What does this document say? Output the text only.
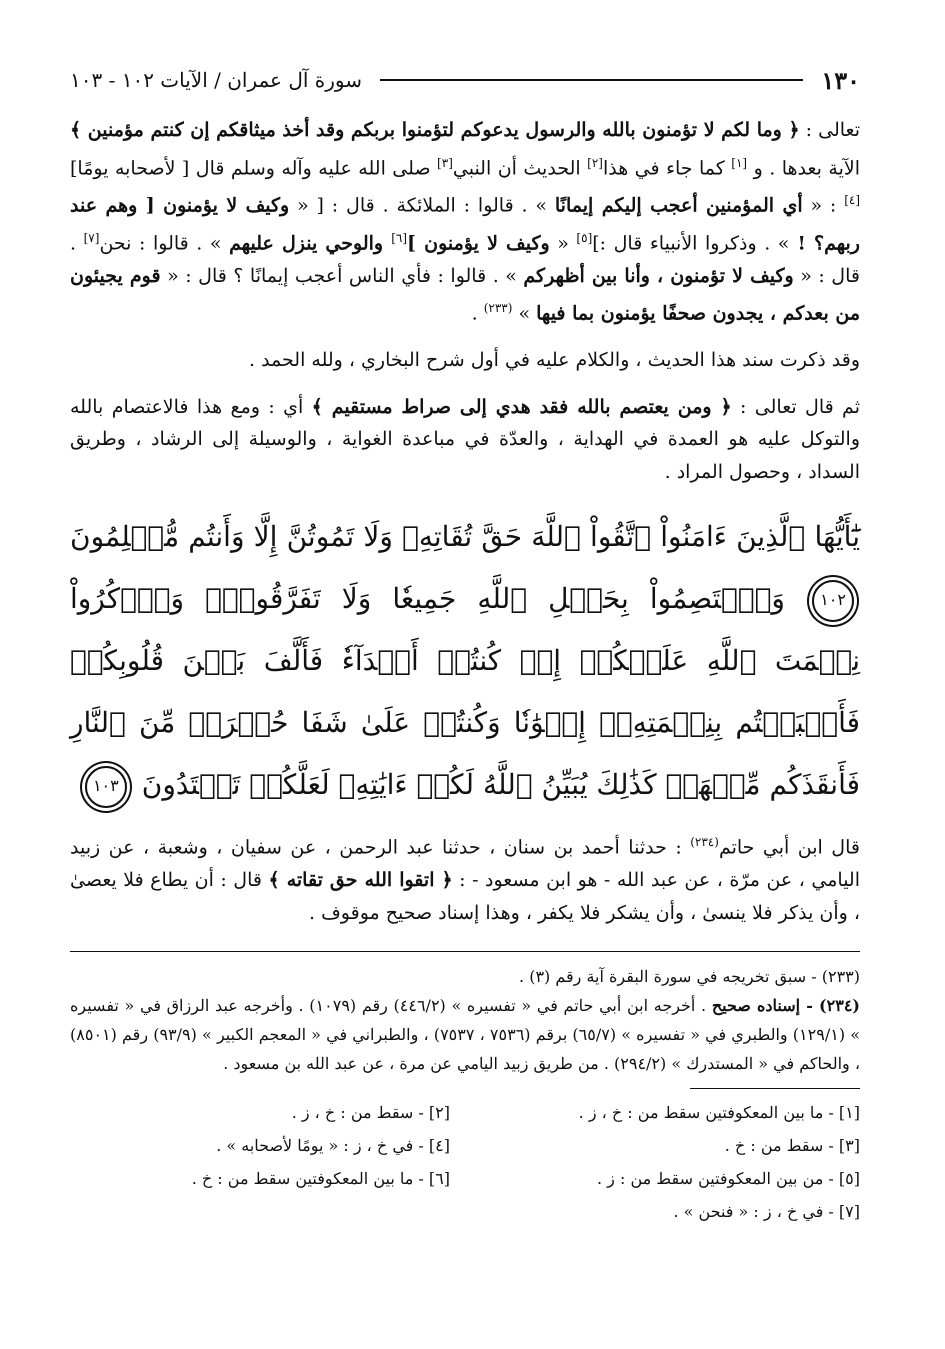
١٣٠
سورة آل عمران / الآيات ١٠٢ - ١٠٣

تعالى : ﴿ وما لكم لا تؤمنون بالله والرسول يدعوكم لتؤمنوا بربكم وقد أخذ ميثاقكم إن كنتم مؤمنين ﴾ الآية بعدها . و [١] كما جاء في هذا[٢] الحديث أن النبي[٣] صلى الله عليه وآله وسلم قال [ لأصحابه يومًا][٤] : « أي المؤمنين أعجب إليكم إيمانًا » . قالوا : الملائكة . قال : [ « وكيف لا يؤمنون [ وهم عند ربهم؟ ! » . وذكروا الأنبياء قال :][٥] « وكيف لا يؤمنون ][٦] والوحي ينزل عليهم » . قالوا : نحن[٧] . قال : « وكيف لا تؤمنون ، وأنا بين أظهركم » . قالوا : فأي الناس أعجب إيمانًا ؟ قال : « قوم يجيئون من بعدكم ، يجدون صحفًا يؤمنون بما فيها » $^{(٢٣٣)}$ .

وقد ذكرت سند هذا الحديث ، والكلام عليه في أول شرح البخاري ، ولله الحمد .

ثم قال تعالى : ﴿ ومن يعتصم بالله فقد هدي إلى صراط مستقيم ﴾ أي : ومع هذا فالاعتصام بالله والتوكل عليه هو العمدة في الهداية ، والعدّة في مباعدة الغواية ، والوسيلة إلى الرشاد ، وطريق السداد ، وحصول المراد .

يَٰٓأَيُّهَا ٱلَّذِينَ ءَامَنُواْ ٱتَّقُواْ ٱللَّهَ حَقَّ تُقَاتِهِۦ وَلَا تَمُوتُنَّ إِلَّا وَأَنتُم مُّسۡلِمُونَ ١٠٢ وَٱعۡتَصِمُواْ بِحَبۡلِ ٱللَّهِ جَمِيعٗا وَلَا تَفَرَّقُواْۚ وَٱذۡكُرُواْ نِعۡمَتَ ٱللَّهِ عَلَيۡكُمۡ إِذۡ كُنتُمۡ أَعۡدَآءٗ فَأَلَّفَ بَيۡنَ قُلُوبِكُمۡ فَأَصۡبَحۡتُم بِنِعۡمَتِهِۦٓ إِخۡوَٰنٗا وَكُنتُمۡ عَلَىٰ شَفَا حُفۡرَةٖ مِّنَ ٱلنَّارِ فَأَنقَذَكُم مِّنۡهَاۗ كَذَٰلِكَ يُبَيِّنُ ٱللَّهُ لَكُمۡ ءَايَٰتِهِۦ لَعَلَّكُمۡ تَهۡتَدُونَ ١٠٣

قال ابن أبي حاتم$^{(٢٣٤)}$ : حدثنا أحمد بن سنان ، حدثنا عبد الرحمن ، عن سفيان ، وشعبة ، عن زبيد اليامي ، عن مرّة ، عن عبد الله - هو ابن مسعود - : ﴿ اتقوا الله حق تقاته ﴾ قال : أن يطاع فلا يعصىٰ ، وأن يذكر فلا ينسىٰ ، وأن يشكر فلا يكفر ، وهذا إسناد صحيح موقوف .

(٢٣٣) - سبق تخريجه في سورة البقرة آية رقم (٣) .

(٢٣٤) - إسناده صحيح . أخرجه ابن أبي حاتم في « تفسيره » (٤٤٦/٢) رقم (١٠٧٩) . وأخرجه عبد الرزاق في « تفسيره » (١٢٩/١) والطبري في « تفسيره » (٦٥/٧) برقم (٧٥٣٦ ، ٧٥٣٧) ، والطبراني في « المعجم الكبير » (٩٣/٩) رقم (٨٥٠١) ، والحاكم في « المستدرك » (٢٩٤/٢) . من طريق زبيد اليامي عن مرة ، عن عبد الله بن مسعود .

[١] - ما بين المعكوفتين سقط من : خ ، ز .
[٢] - سقط من : خ ، ز .
[٣] - سقط من : خ .
[٤] - في خ ، ز : « يومًا لأصحابه » .
[٥] - من بين المعكوفتين سقط من : ز .
[٦] - ما بين المعكوفتين سقط من : خ .
[٧] - في خ ، ز : « فنحن » .
